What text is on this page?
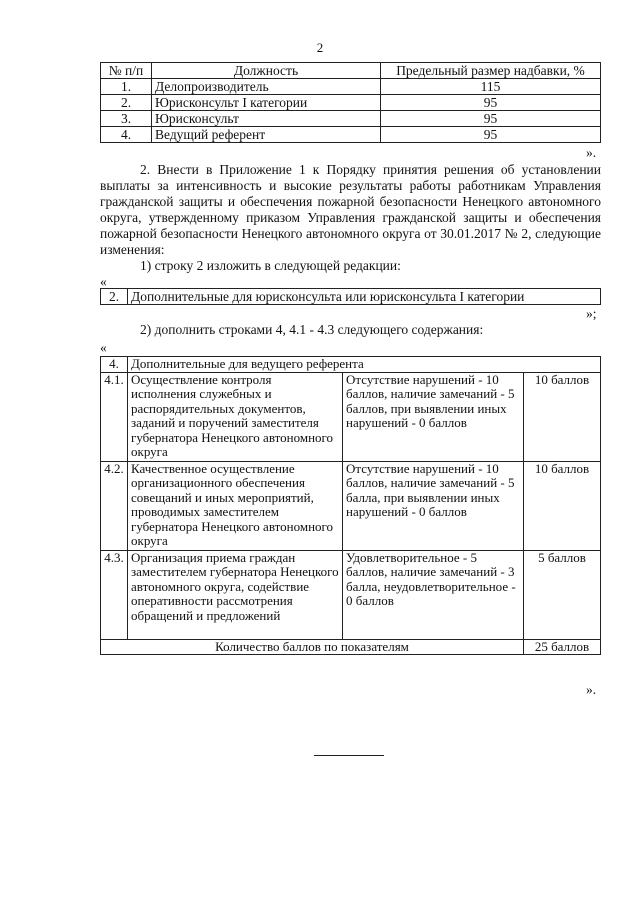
2
№ п/п	Должность	Предельный размер надбавки, %
1.	Делопроизводитель	115
2.	Юрисконсульт I категории	95
3.	Юрисконсульт	95
4.	Ведущий референт	95
».
2. Внести в Приложение 1 к Порядку принятия решения об установлении выплаты за интенсивность и высокие результаты работы работникам Управления гражданской защиты и обеспечения пожарной безопасности Ненецкого автономного округа, утвержденному приказом Управления гражданской защиты и обеспечения пожарной безопасности Ненецкого автономного округа от 30.01.2017 № 2, следующие изменения:
1) строку 2 изложить в следующей редакции:
«
2.	Дополнительные для юрисконсульта или юрисконсульта I категории
»;
2) дополнить строками 4, 4.1 - 4.3 следующего содержания:
«
4.	Дополнительные для ведущего референта		
4.1.	Осуществление контроля исполнения служебных и распорядительных документов, заданий и поручений заместителя губернатора Ненецкого автономного округа	Отсутствие нарушений - 10 баллов, наличие замечаний - 5 баллов, при выявлении иных нарушений - 0 баллов	10 баллов
4.2.	Качественное осуществление организационного обеспечения совещаний и иных мероприятий, проводимых заместителем губернатора Ненецкого автономного округа	Отсутствие нарушений - 10 баллов, наличие замечаний - 5 балла, при выявлении иных нарушений - 0 баллов	10 баллов
4.3.	Организация приема граждан заместителем губернатора Ненецкого автономного округа, содействие оперативности рассмотрения обращений и предложений	Удовлетворительное - 5 баллов, наличие замечаний - 3 балла, неудовлетворительное - 0 баллов	5 баллов
Количество баллов по показателям			25 баллов
».
